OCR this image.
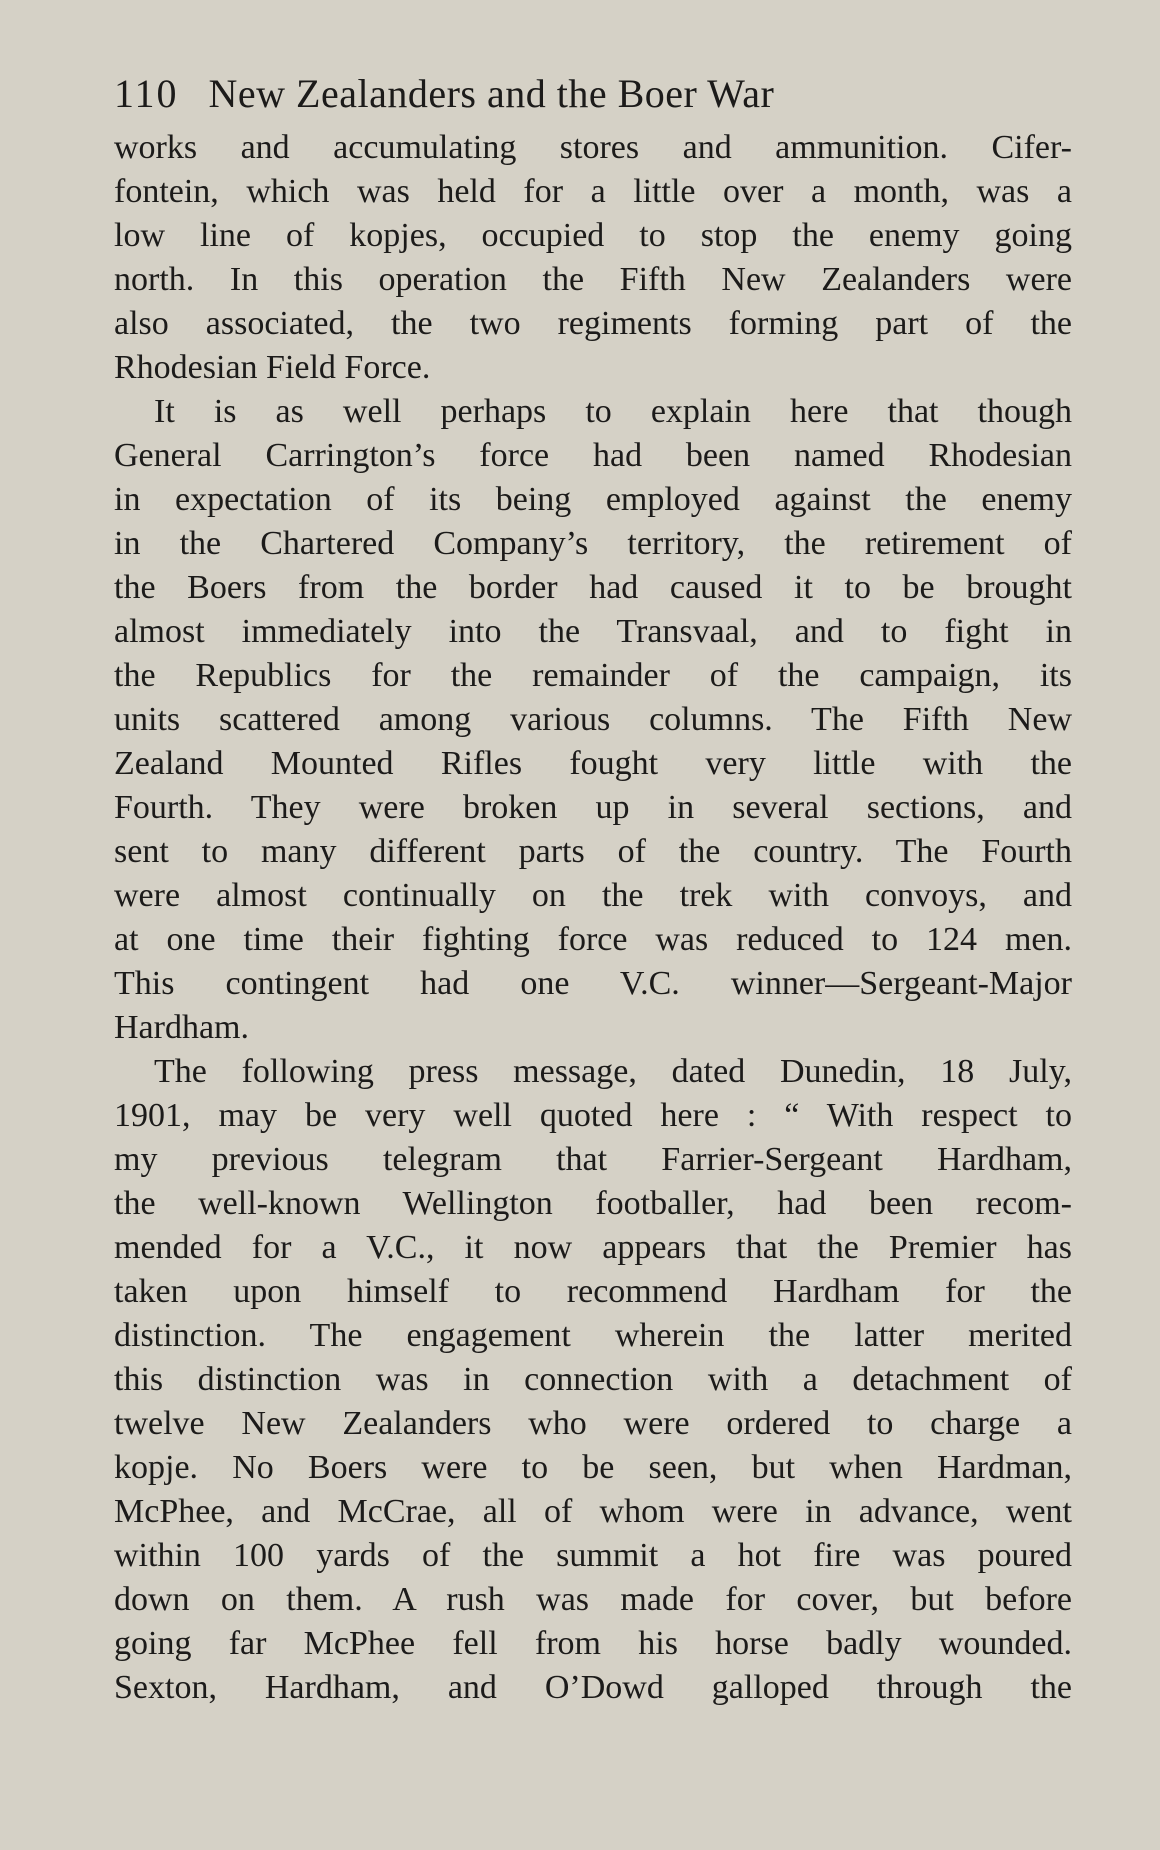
110 New Zealanders and the Boer War
works and accumulating stores and ammunition. Cifer-
fontein, which was held for a little over a month, was a
low line of kopjes, occupied to stop the enemy going
north. In this operation the Fifth New Zealanders were
also associated, the two regiments forming part of the
Rhodesian Field Force.
It is as well perhaps to explain here that though
General Carrington’s force had been named Rhodesian
in expectation of its being employed against the enemy
in the Chartered Company’s territory, the retirement of
the Boers from the border had caused it to be brought
almost immediately into the Transvaal, and to fight in
the Republics for the remainder of the campaign, its
units scattered among various columns. The Fifth New
Zealand Mounted Rifles fought very little with the
Fourth. They were broken up in several sections, and
sent to many different parts of the country. The Fourth
were almost continually on the trek with convoys, and
at one time their fighting force was reduced to 124 men.
This contingent had one V.C. winner—Sergeant-Major
Hardham.
The following press message, dated Dunedin, 18 July,
1901, may be very well quoted here : “ With respect to
my previous telegram that Farrier-Sergeant Hardham,
the well-known Wellington footballer, had been recom-
mended for a V.C., it now appears that the Premier has
taken upon himself to recommend Hardham for the
distinction. The engagement wherein the latter merited
this distinction was in connection with a detachment of
twelve New Zealanders who were ordered to charge a
kopje. No Boers were to be seen, but when Hardman,
McPhee, and McCrae, all of whom were in advance, went
within 100 yards of the summit a hot fire was poured
down on them. A rush was made for cover, but before
going far McPhee fell from his horse badly wounded.
Sexton, Hardham, and O’Dowd galloped through the
